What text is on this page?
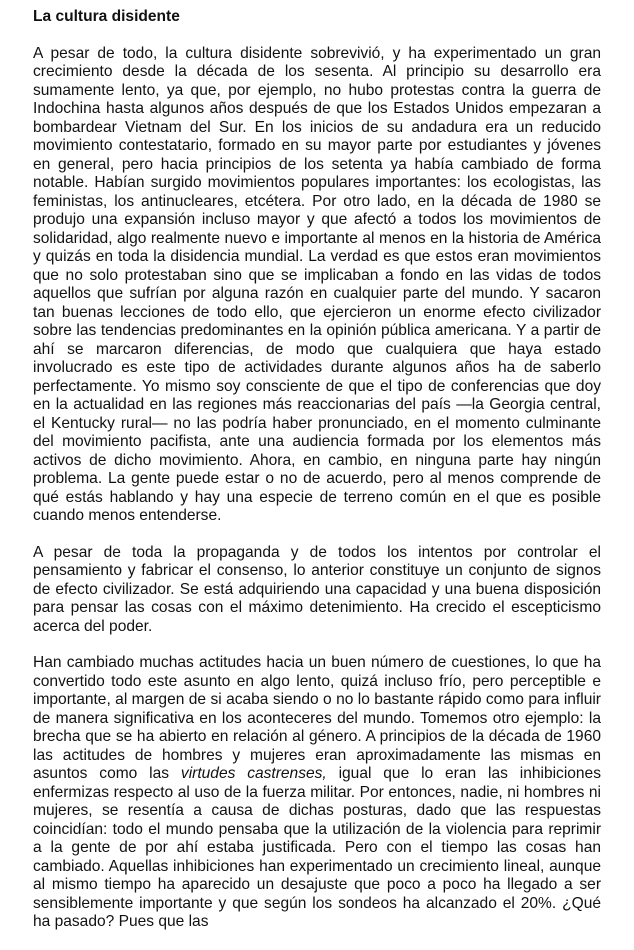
La cultura disidente

A pesar de todo, la cultura disidente sobrevivió, y ha experimentado un gran crecimiento desde la década de los sesenta. Al principio su desarrollo era sumamente lento, ya que, por ejemplo, no hubo protestas contra la guerra de Indochina hasta algunos años después de que los Estados Unidos empezaran a bombardear Vietnam del Sur. En los inicios de su andadura era un reducido movimiento contestatario, formado en su mayor parte por estudiantes y jóvenes en general, pero hacia principios de los setenta ya había cambiado de forma notable. Habían surgido movimientos populares importantes: los ecologistas, las feministas, los antinucleares, etcétera. Por otro lado, en la década de 1980 se produjo una expansión incluso mayor y que afectó a todos los movimientos de solidaridad, algo realmente nuevo e importante al menos en la historia de América y quizás en toda la disidencia mundial. La verdad es que estos eran movimientos que no solo protestaban sino que se implicaban a fondo en las vidas de todos aquellos que sufrían por alguna razón en cualquier parte del mundo. Y sacaron tan buenas lecciones de todo ello, que ejercieron un enorme efecto civilizador sobre las tendencias predominantes en la opinión pública americana. Y a partir de ahí se marcaron diferencias, de modo que cualquiera que haya estado involucrado es este tipo de actividades durante algunos años ha de saberlo perfectamente. Yo mismo soy consciente de que el tipo de conferencias que doy en la actualidad en las regiones más reaccionarias del país —la Georgia central, el Kentucky rural— no las podría haber pronunciado, en el momento culminante del movimiento pacifista, ante una audiencia formada por los elementos más activos de dicho movimiento. Ahora, en cambio, en ninguna parte hay ningún problema. La gente puede estar o no de acuerdo, pero al menos comprende de qué estás hablando y hay una especie de terreno común en el que es posible cuando menos entenderse.

A pesar de toda la propaganda y de todos los intentos por controlar el pensamiento y fabricar el consenso, lo anterior constituye un conjunto de signos de efecto civilizador. Se está adquiriendo una capacidad y una buena disposición para pensar las cosas con el máximo detenimiento. Ha crecido el escepticismo acerca del poder.

Han cambiado muchas actitudes hacia un buen número de cuestiones, lo que ha convertido todo este asunto en algo lento, quizá incluso frío, pero perceptible e importante, al margen de si acaba siendo o no lo bastante rápido como para influir de manera significativa en los aconteceres del mundo. Tomemos otro ejemplo: la brecha que se ha abierto en relación al género. A principios de la década de 1960 las actitudes de hombres y mujeres eran aproximadamente las mismas en asuntos como las virtudes castrenses, igual que lo eran las inhibiciones enfermizas respecto al uso de la fuerza militar. Por entonces, nadie, ni hombres ni mujeres, se resentía a causa de dichas posturas, dado que las respuestas coincidían: todo el mundo pensaba que la utilización de la violencia para reprimir a la gente de por ahí estaba justificada. Pero con el tiempo las cosas han cambiado. Aquellas inhibiciones han experimentado un crecimiento lineal, aunque al mismo tiempo ha aparecido un desajuste que poco a poco ha llegado a ser sensiblemente importante y que según los sondeos ha alcanzado el 20%. ¿Qué ha pasado? Pues que las
